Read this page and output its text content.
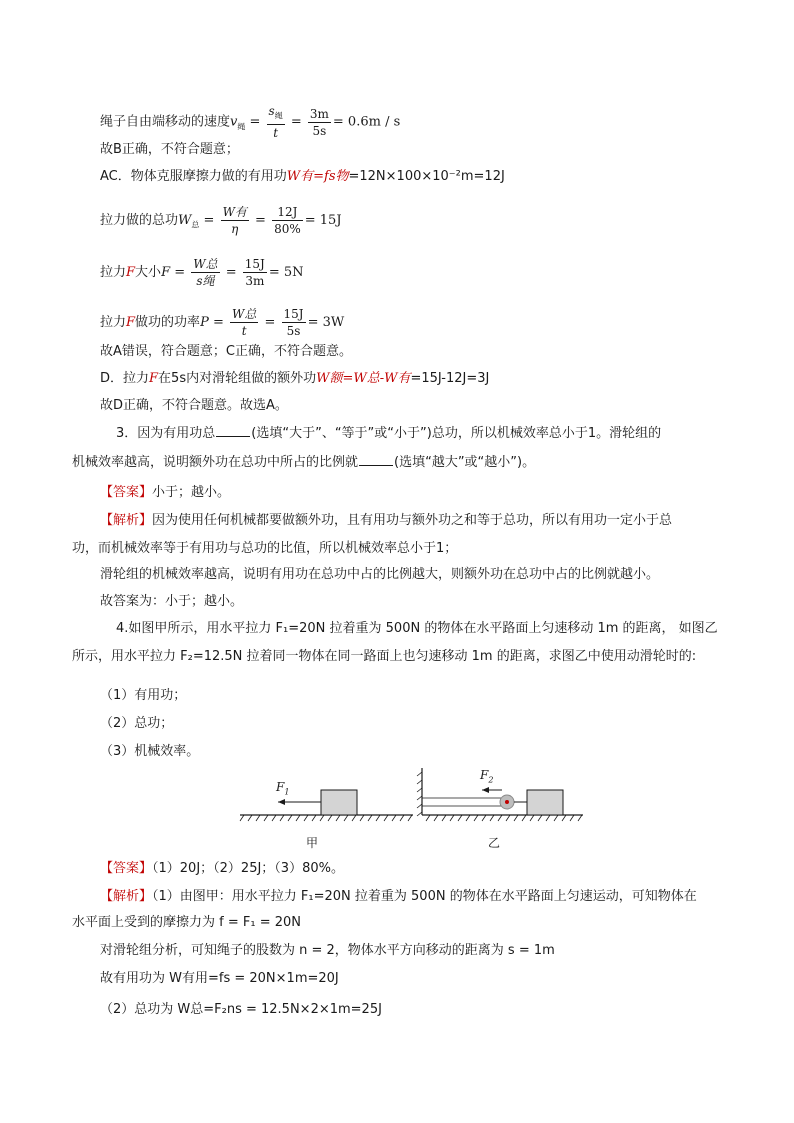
绳子自由端移动的速度$v_绳 = \frac{s_绳}{t} = \frac{3m}{5s} = 0.6m / s$
故B正确，不符合题意；
AC．物体克服摩擦力做的有用功W有=fs物=12N×100×10⁻²m=12J
拉力做的总功$W_总 = \frac{\text{W有}}{\eta} = \frac{12J}{80\%} = 15J$
拉力F大小$F = \frac{\text{W总}}{\text{s绳}} = \frac{15J}{3m} = 5N$
拉力F做功的功率$P = \frac{\text{W总}}{t} = \frac{15J}{5s} = 3W$
故A错误，符合题意；C正确，不符合题意。
D．拉力F在5s内对滑轮组做的额外功W额=W总-W有=15J-12J=3J
故D正确，不符合题意。故选A。
3．因为有用功总	(选填“大于”、“等于”或“小于”)总功，所以机械效率总小于1。滑轮组的
机械效率越高，说明额外功在总功中所占的比例就	(选填“越大”或“越小”)。
【答案】小于；越小。
【解析】因为使用任何机械都要做额外功，且有用功与额外功之和等于总功，所以有用功一定小于总
功，而机械效率等于有用功与总功的比值，所以机械效率总小于1；
滑轮组的机械效率越高，说明有用功在总功中占的比例越大，则额外功在总功中占的比例就越小。
故答案为：小于；越小。
4.如图甲所示，用水平拉力 F₁=20N 拉着重为 500N 的物体在水平路面上匀速移动 1m 的距离， 如图乙
所示，用水平拉力 F₂=12.5N 拉着同一物体在同一路面上也匀速移动 1m 的距离，求图乙中使用动滑轮时的:
（1）有用功；
（2）总功；
（3）机械效率。
$F_1$
$F_2$
甲	乙
【答案】（1）20J；（2）25J；（3）80%。
【解析】（1）由图甲：用水平拉力 F₁=20N 拉着重为 500N 的物体在水平路面上匀速运动，可知物体在
水平面上受到的摩擦力为 f = F₁ = 20N
对滑轮组分析，可知绳子的股数为 n = 2，物体水平方向移动的距离为 s = 1m
故有用功为 W有用=fs = 20N×1m=20J
（2）总功为 W总=F₂ns = 12.5N×2×1m=25J
